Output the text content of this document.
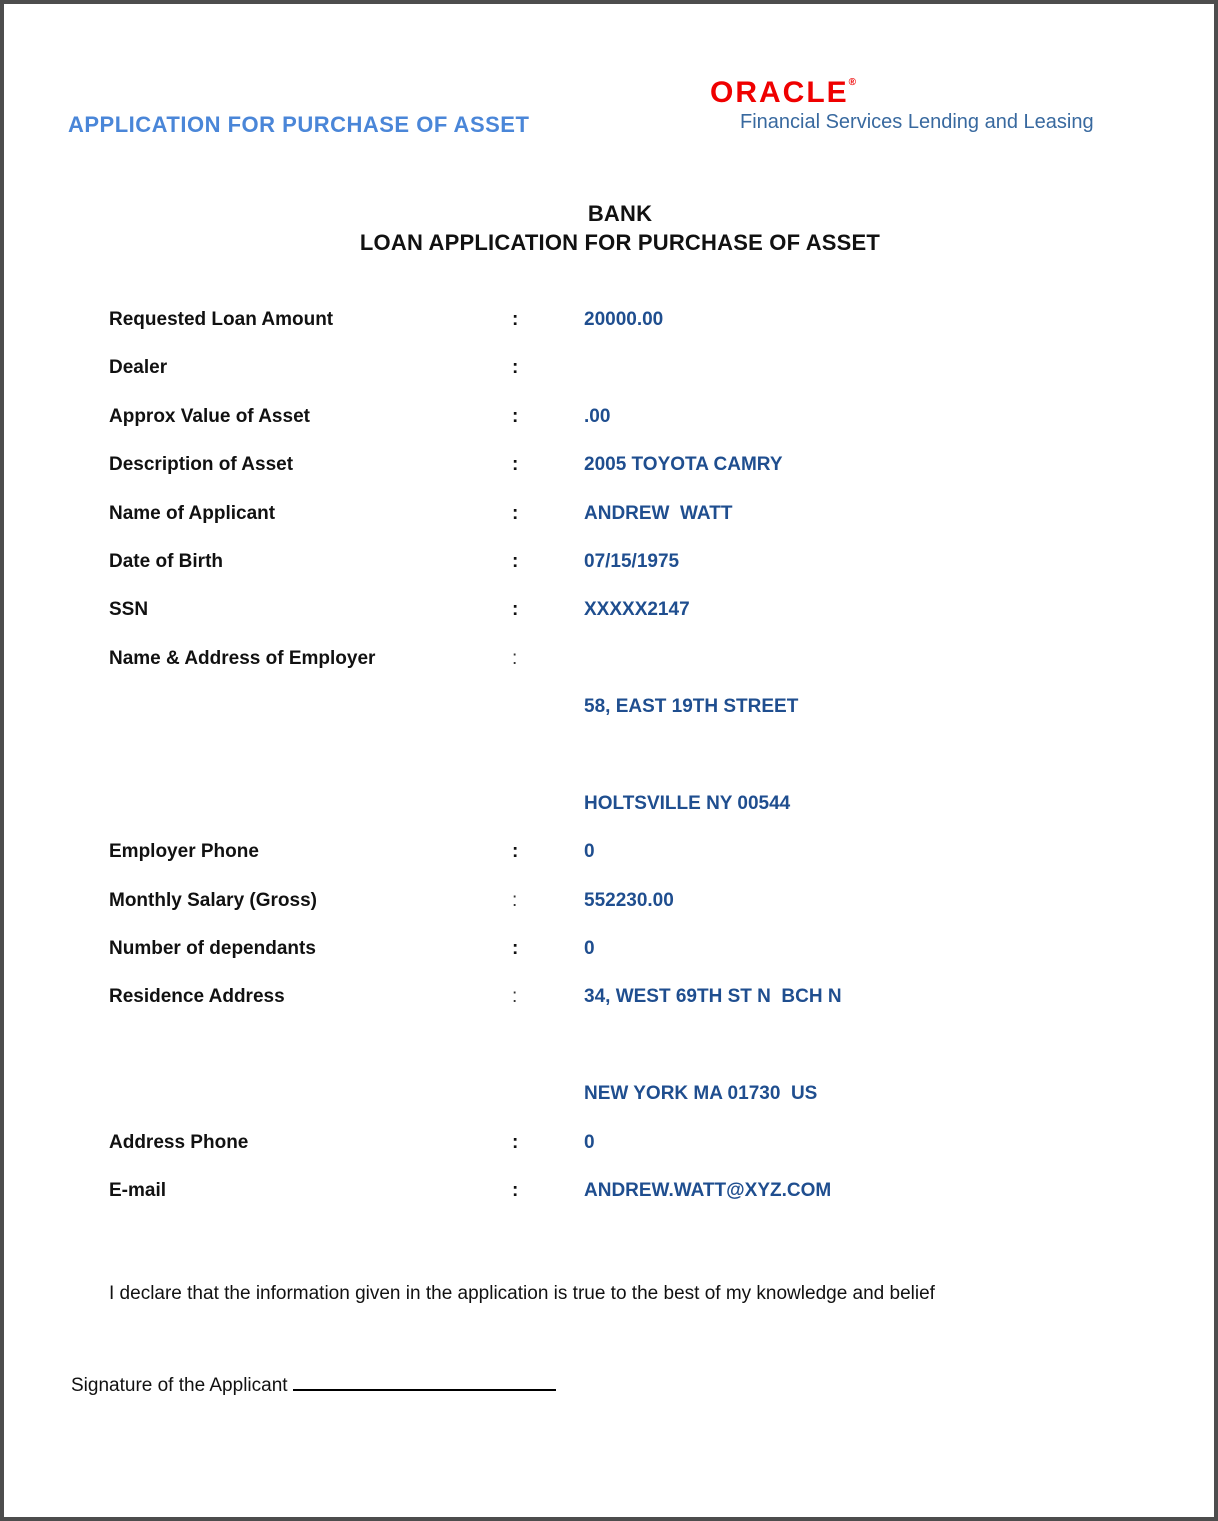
APPLICATION FOR PURCHASE OF ASSET
ORACLE®
Financial Services Lending and Leasing
BANK
LOAN APPLICATION FOR PURCHASE OF ASSET
Requested Loan Amount	:	20000.00
Dealer	:
Approx Value of Asset	:	.00
Description of Asset	:	2005 TOYOTA CAMRY
Name of Applicant	:	ANDREW  WATT
Date of Birth	:	07/15/1975
SSN	:	XXXXX2147
Name & Address of Employer	:
58, EAST 19TH STREET
HOLTSVILLE NY 00544
Employer Phone	:	0
Monthly Salary (Gross)	:	552230.00
Number of dependants	:	0
Residence Address	:	34, WEST 69TH ST N  BCH N
NEW YORK MA 01730  US
Address Phone	:	0
E-mail	:	ANDREW.WATT@XYZ.COM
I declare that the information given in the application is true to the best of my knowledge and belief
Signature of the Applicant
